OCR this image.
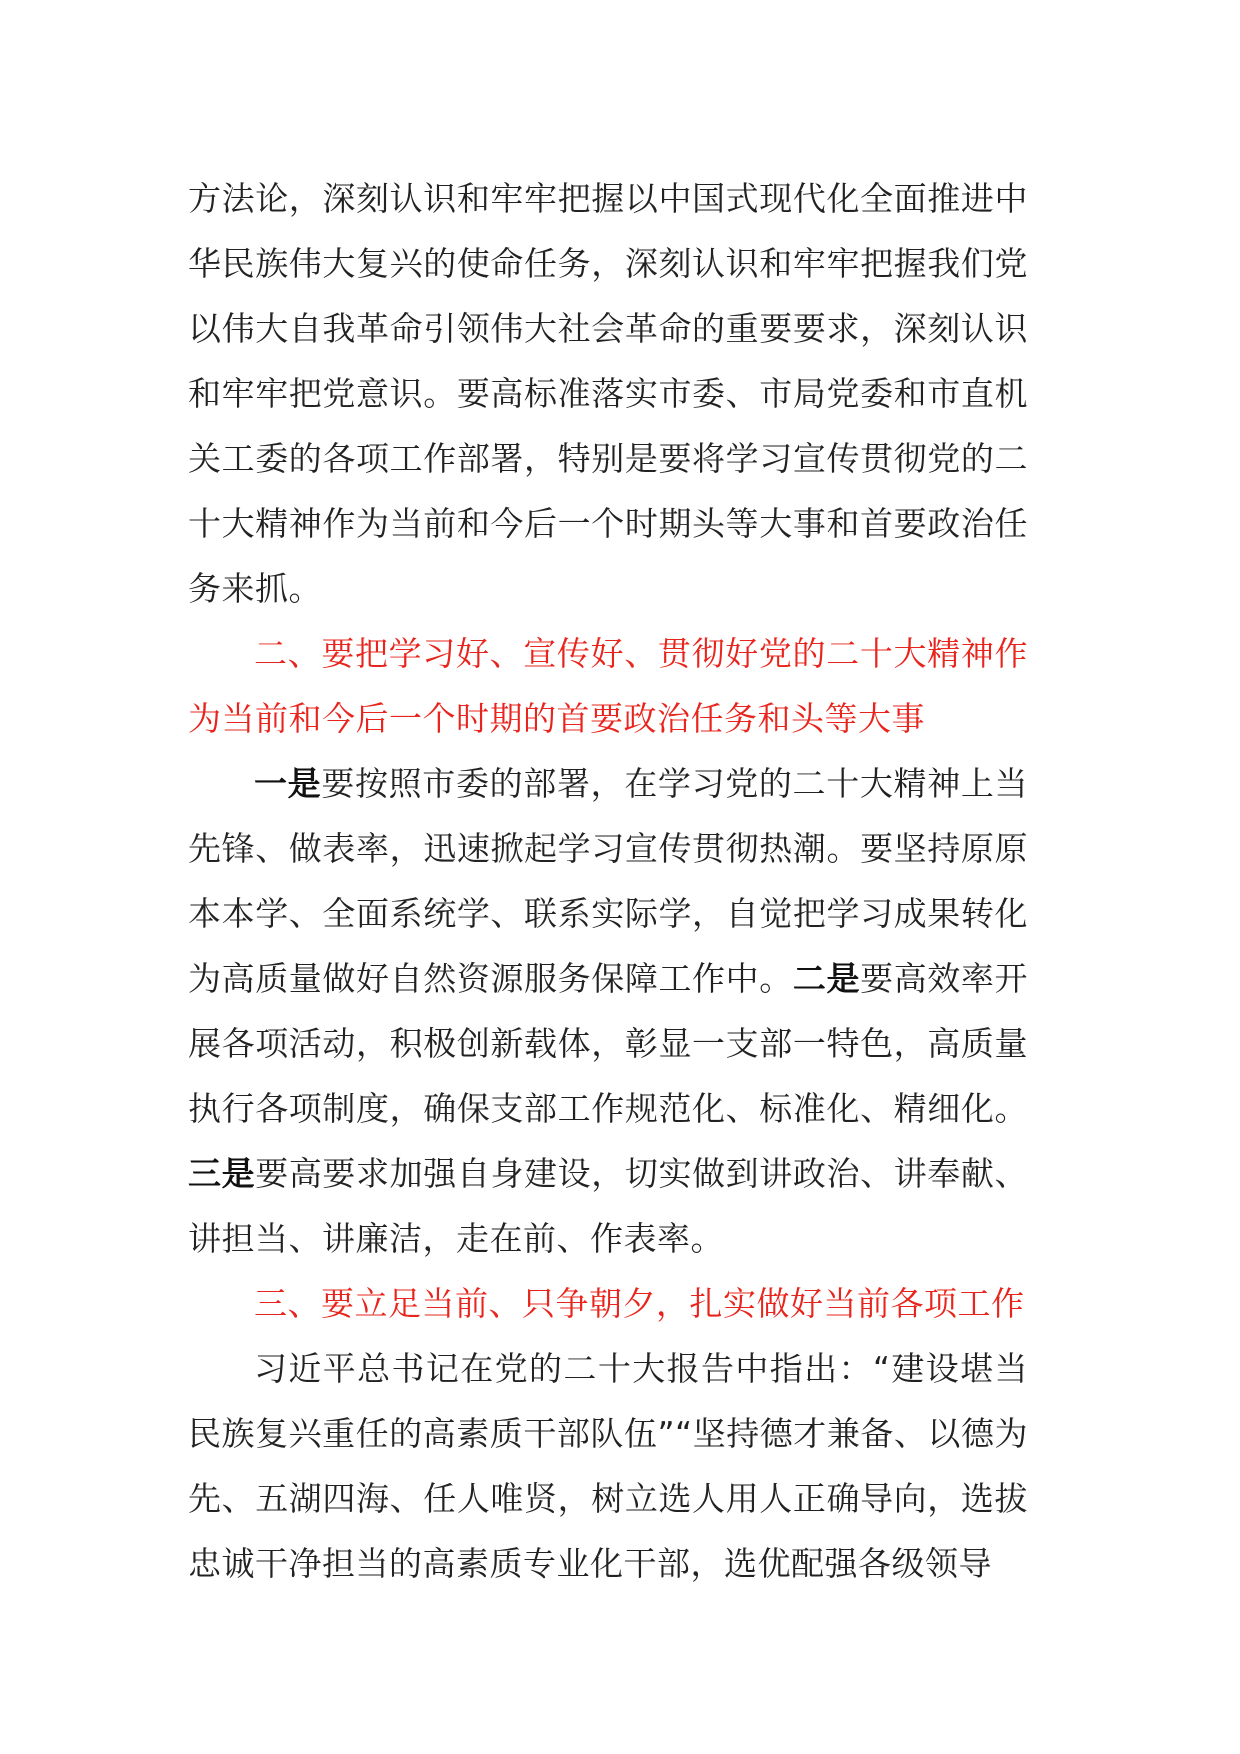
方法论，深刻认识和牢牢把握以中国式现代化全面推进中华民族伟大复兴的使命任务，深刻认识和牢牢把握我们党以伟大自我革命引领伟大社会革命的重要要求，深刻认识和牢牢把党意识。要高标准落实市委、市局党委和市直机关工委的各项工作部署，特别是要将学习宣传贯彻党的二十大精神作为当前和今后一个时期头等大事和首要政治任务来抓。

二、要把学习好、宣传好、贯彻好党的二十大精神作为当前和今后一个时期的首要政治任务和头等大事

一是要按照市委的部署，在学习党的二十大精神上当先锋、做表率，迅速掀起学习宣传贯彻热潮。要坚持原原本本学、全面系统学、联系实际学，自觉把学习成果转化为高质量做好自然资源服务保障工作中。二是要高效率开展各项活动，积极创新载体，彰显一支部一特色，高质量执行各项制度，确保支部工作规范化、标准化、精细化。三是要高要求加强自身建设，切实做到讲政治、讲奉献、讲担当、讲廉洁，走在前、作表率。

三、要立足当前、只争朝夕，扎实做好当前各项工作

习近平总书记在党的二十大报告中指出：“建设堪当民族复兴重任的高素质干部队伍”“坚持德才兼备、以德为先、五湖四海、任人唯贤，树立选人用人正确导向，选拔忠诚干净担当的高素质专业化干部，选优配强各级领导
